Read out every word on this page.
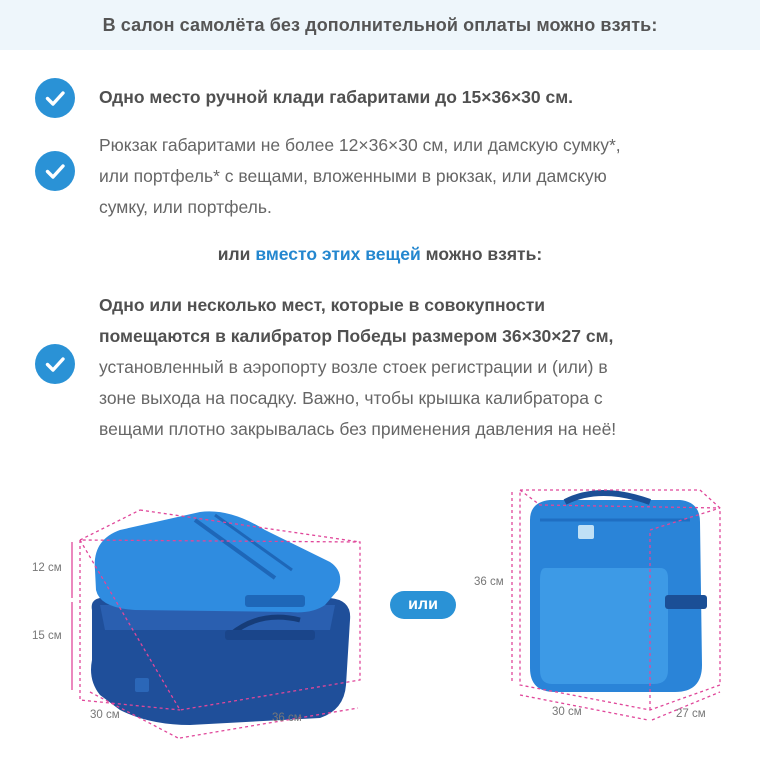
В салон самолёта без дополнительной оплаты можно взять:
Одно место ручной клади габаритами до 15×36×30 см.
Рюкзак габаритами не более 12×36×30 см, или дамскую сумку*,
или портфель* с вещами, вложенными в рюкзак, или дамскую
сумку, или портфель.
или вместо этих вещей можно взять:
Одно или несколько мест, которые в совокупности
помещаются в калибратор Победы размером 36×30×27 см,
установленный в аэропорту возле стоек регистрации и (или) в
зоне выхода на посадку. Важно, чтобы крышка калибратора с
вещами плотно закрывалась без применения давления на неё!
12 см
15 см
30 см	36 см
или
36 см
30 см	27 см
